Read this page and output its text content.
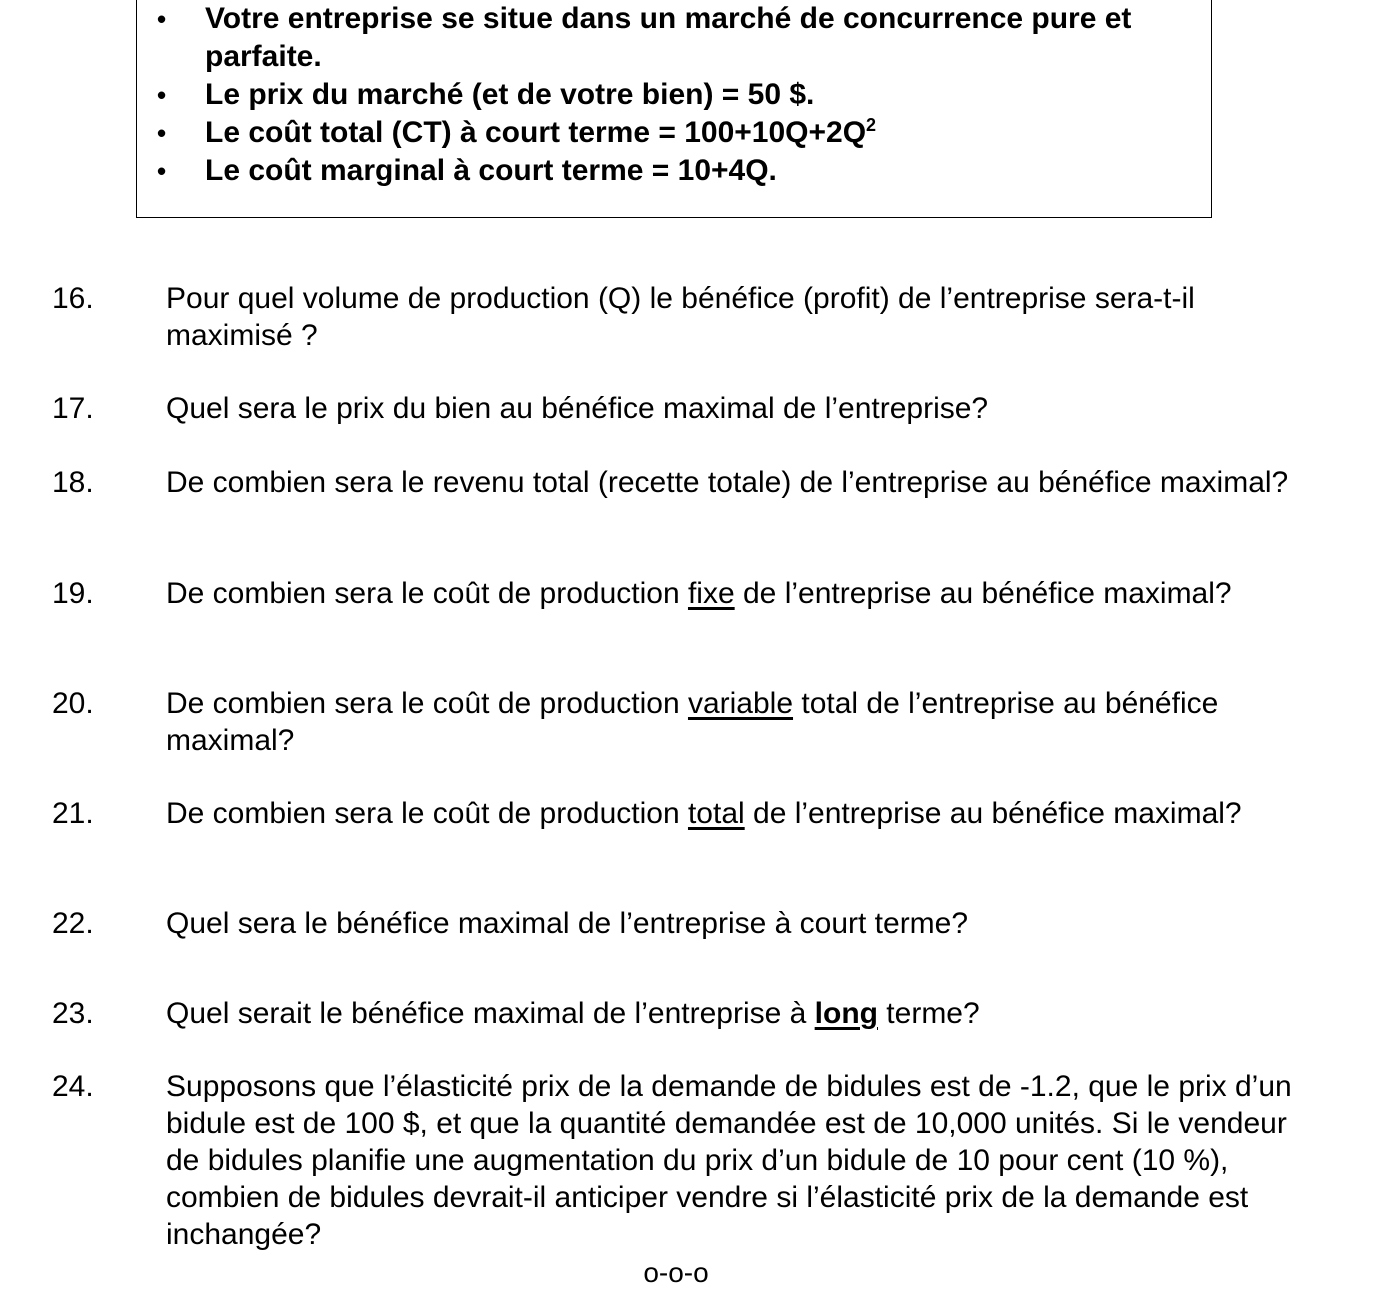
• Votre entreprise se situe dans un marché de concurrence pure et parfaite.
• Le prix du marché (et de votre bien) = 50 $.
• Le coût total (CT) à court terme = $100+10Q+2Q^2$
• Le coût marginal à court terme = 10+4Q.
16. Pour quel volume de production (Q) le bénéfice (profit) de l’entreprise sera-t-il maximisé ?
17. Quel sera le prix du bien au bénéfice maximal de l’entreprise?
18. De combien sera le revenu total (recette totale) de l’entreprise au bénéfice maximal?
19. De combien sera le coût de production fixe de l’entreprise au bénéfice maximal?
20. De combien sera le coût de production variable total de l’entreprise au bénéfice maximal?
21. De combien sera le coût de production total de l’entreprise au bénéfice maximal?
22. Quel sera le bénéfice maximal de l’entreprise à court terme?
23. Quel serait le bénéfice maximal de l’entreprise à long terme?
24. Supposons que l’élasticité prix de la demande de bidules est de -1.2, que le prix d’un bidule est de 100 $, et que la quantité demandée est de 10,000 unités. Si le vendeur de bidules planifie une augmentation du prix d’un bidule de 10 pour cent (10 %), combien de bidules devrait-il anticiper vendre si l’élasticité prix de la demande est inchangée?
o-o-o
